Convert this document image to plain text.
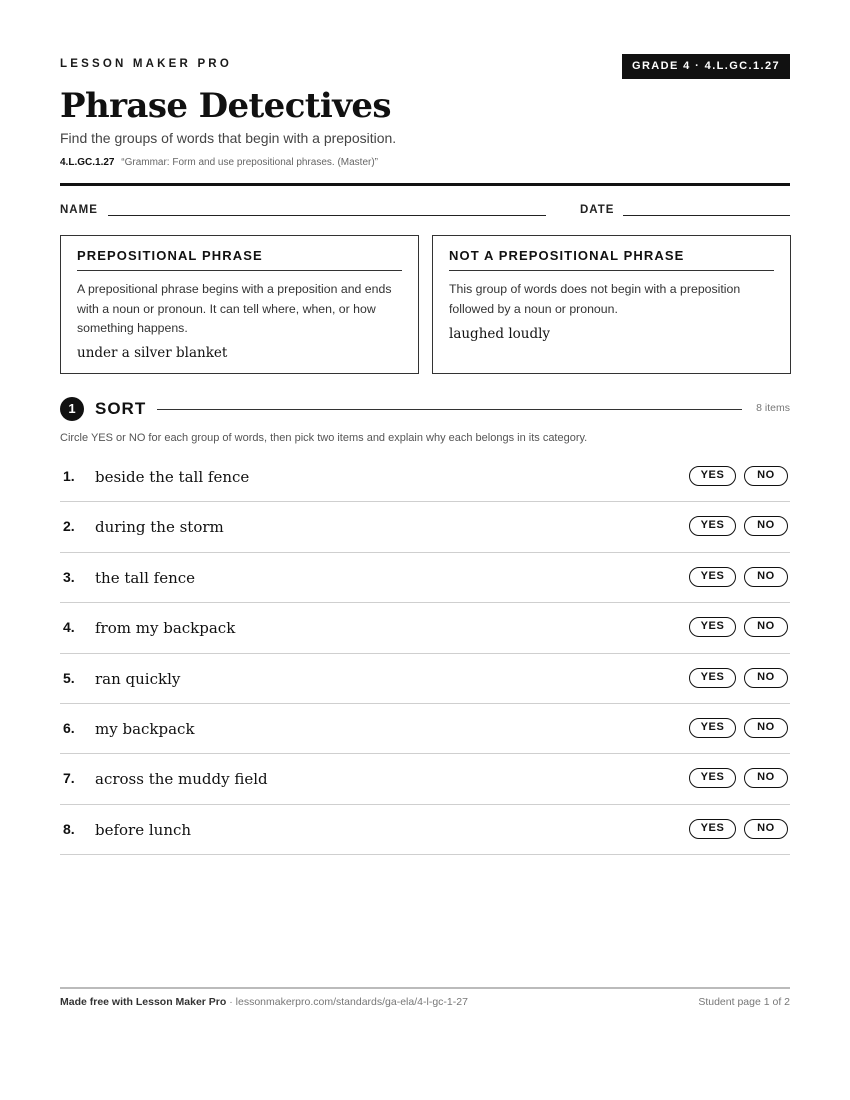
LESSON MAKER PRO	GRADE 4 · 4.L.GC.1.27
Phrase Detectives
Find the groups of words that begin with a preposition.
4.L.GC.1.27 “Grammar: Form and use prepositional phrases. (Master)”
NAME	DATE
PREPOSITIONAL PHRASE
A prepositional phrase begins with a preposition and ends with a noun or pronoun. It can tell where, when, or how something happens.
under a silver blanket
NOT A PREPOSITIONAL PHRASE
This group of words does not begin with a preposition followed by a noun or pronoun.
laughed loudly
1	SORT	8 items
Circle YES or NO for each group of words, then pick two items and explain why each belongs in its category.
1. beside the tall fence	YES	NO
2. during the storm	YES	NO
3. the tall fence	YES	NO
4. from my backpack	YES	NO
5. ran quickly	YES	NO
6. my backpack	YES	NO
7. across the muddy field	YES	NO
8. before lunch	YES	NO
Made free with Lesson Maker Pro · lessonmakerpro.com/standards/ga-ela/4-l-gc-1-27	Student page 1 of 2
